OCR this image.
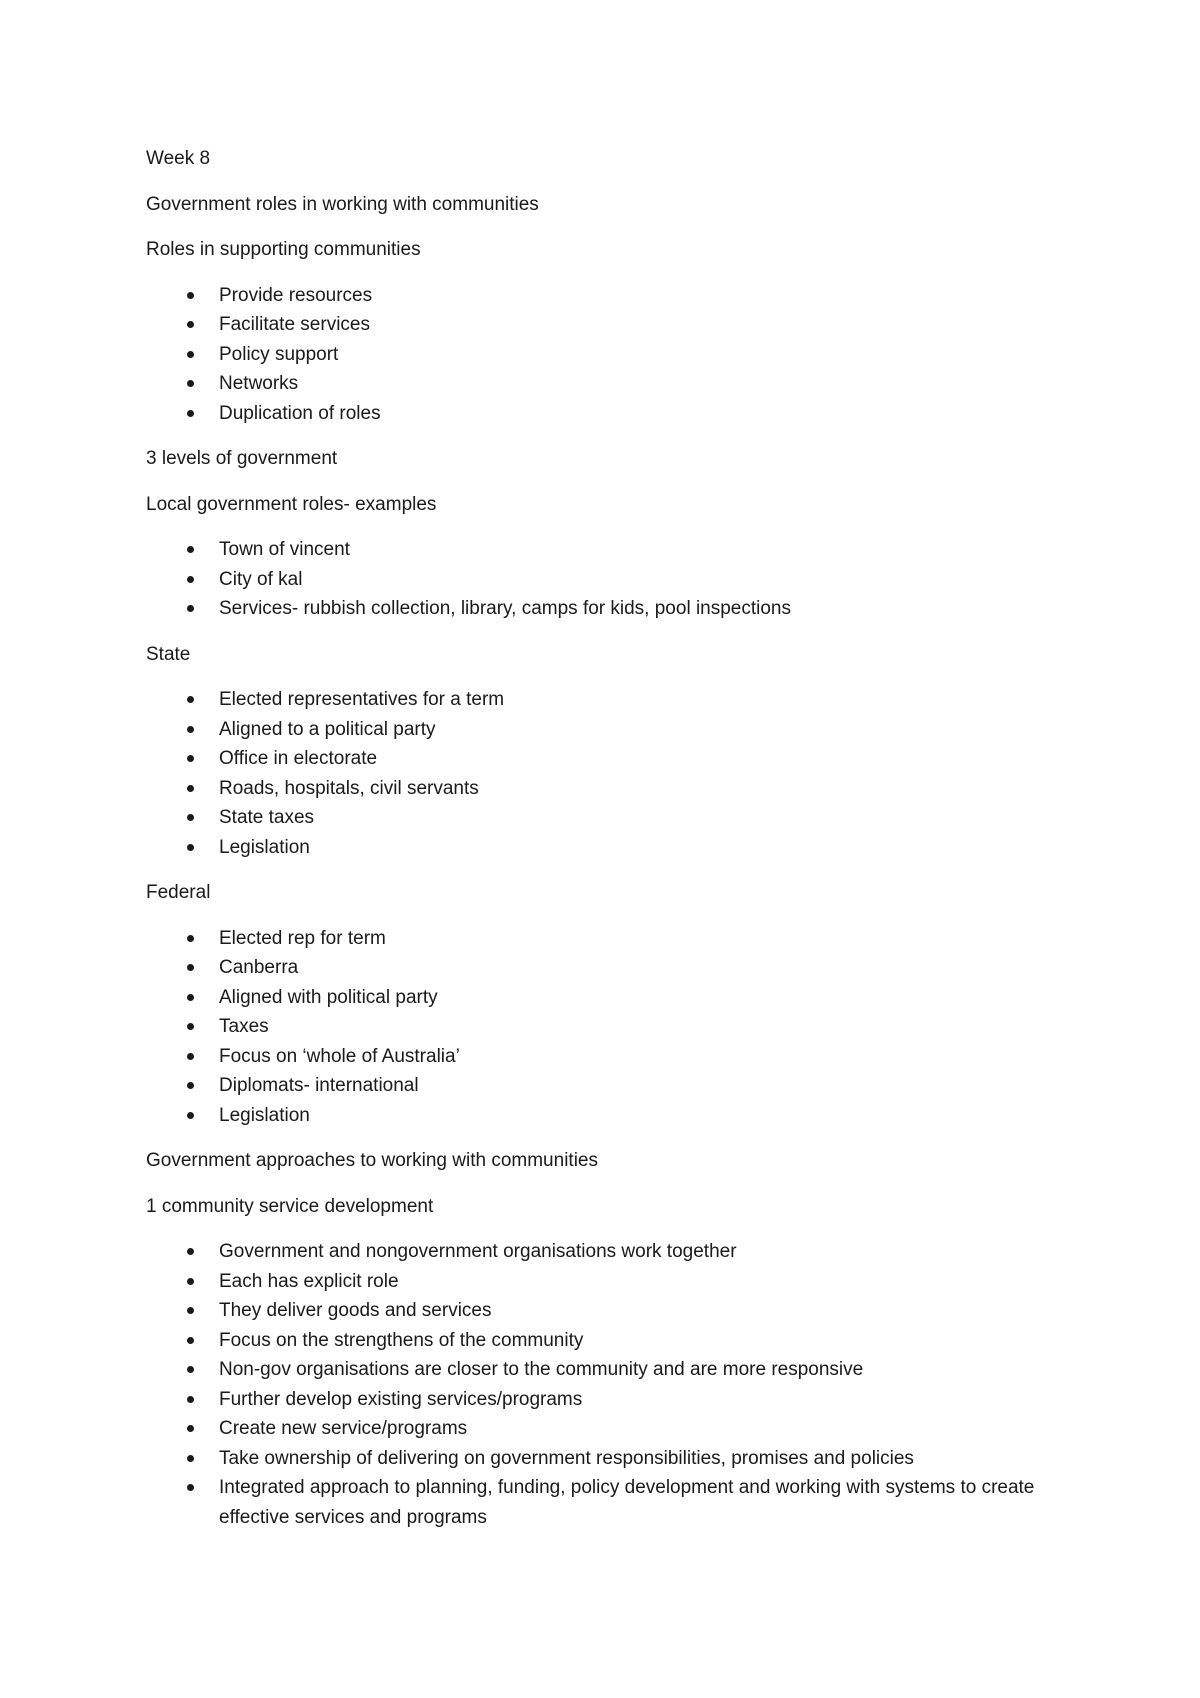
Week 8

Government roles in working with communities

Roles in supporting communities

Provide resources
Facilitate services
Policy support
Networks
Duplication of roles

3 levels of government

Local government roles- examples

Town of vincent
City of kal
Services- rubbish collection, library, camps for kids, pool inspections

State

Elected representatives for a term
Aligned to a political party
Office in electorate
Roads, hospitals, civil servants
State taxes
Legislation

Federal

Elected rep for term
Canberra
Aligned with political party
Taxes
Focus on ‘whole of Australia’
Diplomats- international
Legislation

Government approaches to working with communities

1 community service development

Government and nongovernment organisations work together
Each has explicit role
They deliver goods and services
Focus on the strengthens of the community
Non-gov organisations are closer to the community and are more responsive
Further develop existing services/programs
Create new service/programs
Take ownership of delivering on government responsibilities, promises and policies
Integrated approach to planning, funding, policy development and working with systems to create effective services and programs
